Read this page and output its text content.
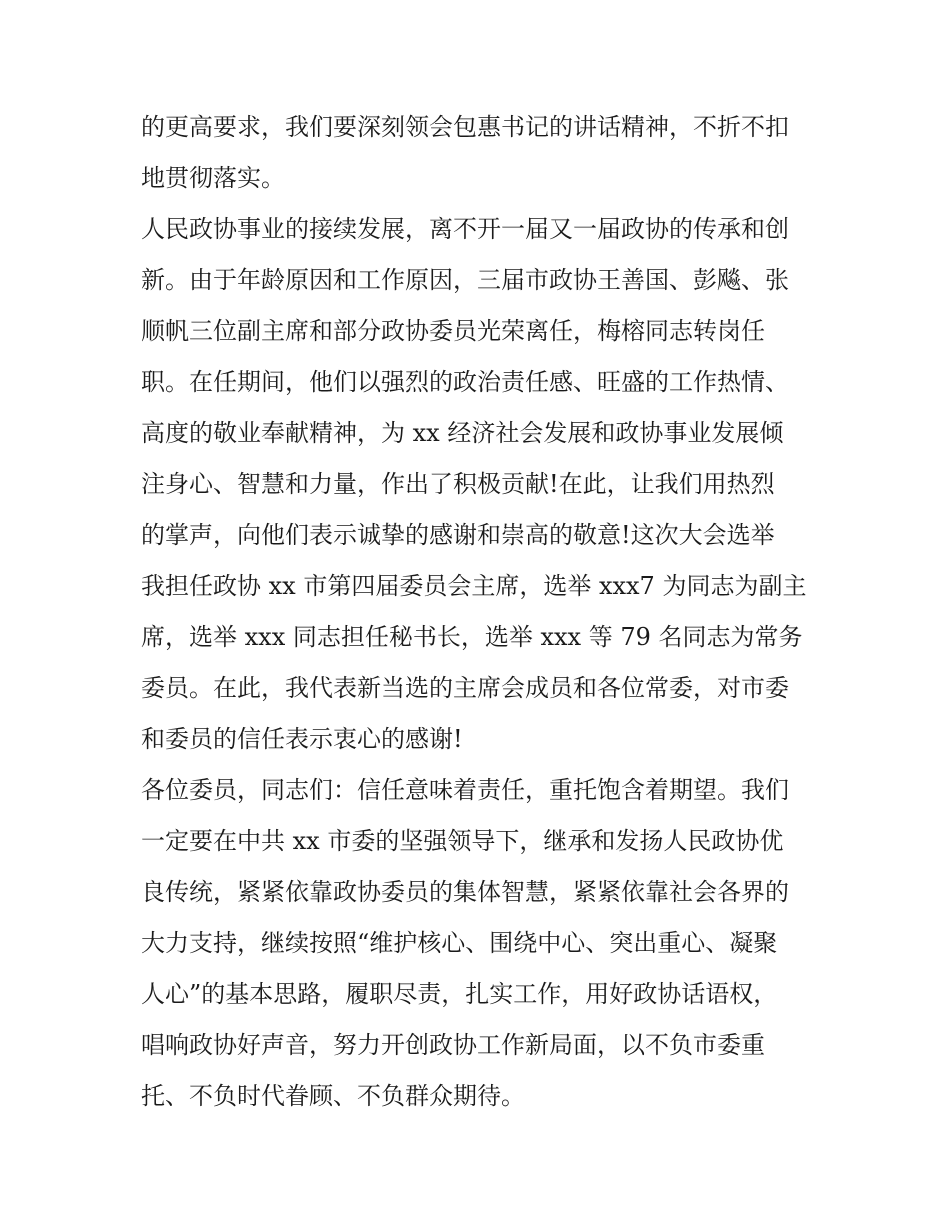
的更高要求，我们要深刻领会包惠书记的讲话精神，不折不扣
地贯彻落实。
人民政协事业的接续发展，离不开一届又一届政协的传承和创
新。由于年龄原因和工作原因，三届市政协王善国、彭飚、张
顺帆三位副主席和部分政协委员光荣离任，梅榕同志转岗任
职。在任期间，他们以强烈的政治责任感、旺盛的工作热情、
高度的敬业奉献精神，为 xx 经济社会发展和政协事业发展倾
注身心、智慧和力量，作出了积极贡献!在此，让我们用热烈
的掌声，向他们表示诚挚的感谢和崇高的敬意!这次大会选举
我担任政协 xx 市第四届委员会主席，选举 xxx7 为同志为副主
席，选举 xxx 同志担任秘书长，选举 xxx 等 79 名同志为常务
委员。在此，我代表新当选的主席会成员和各位常委，对市委
和委员的信任表示衷心的感谢!
各位委员，同志们：信任意味着责任，重托饱含着期望。我们
一定要在中共 xx 市委的坚强领导下，继承和发扬人民政协优
良传统，紧紧依靠政协委员的集体智慧，紧紧依靠社会各界的
大力支持，继续按照“维护核心、围绕中心、突出重心、凝聚
人心”的基本思路，履职尽责，扎实工作，用好政协话语权，
唱响政协好声音，努力开创政协工作新局面，以不负市委重
托、不负时代眷顾、不负群众期待。
